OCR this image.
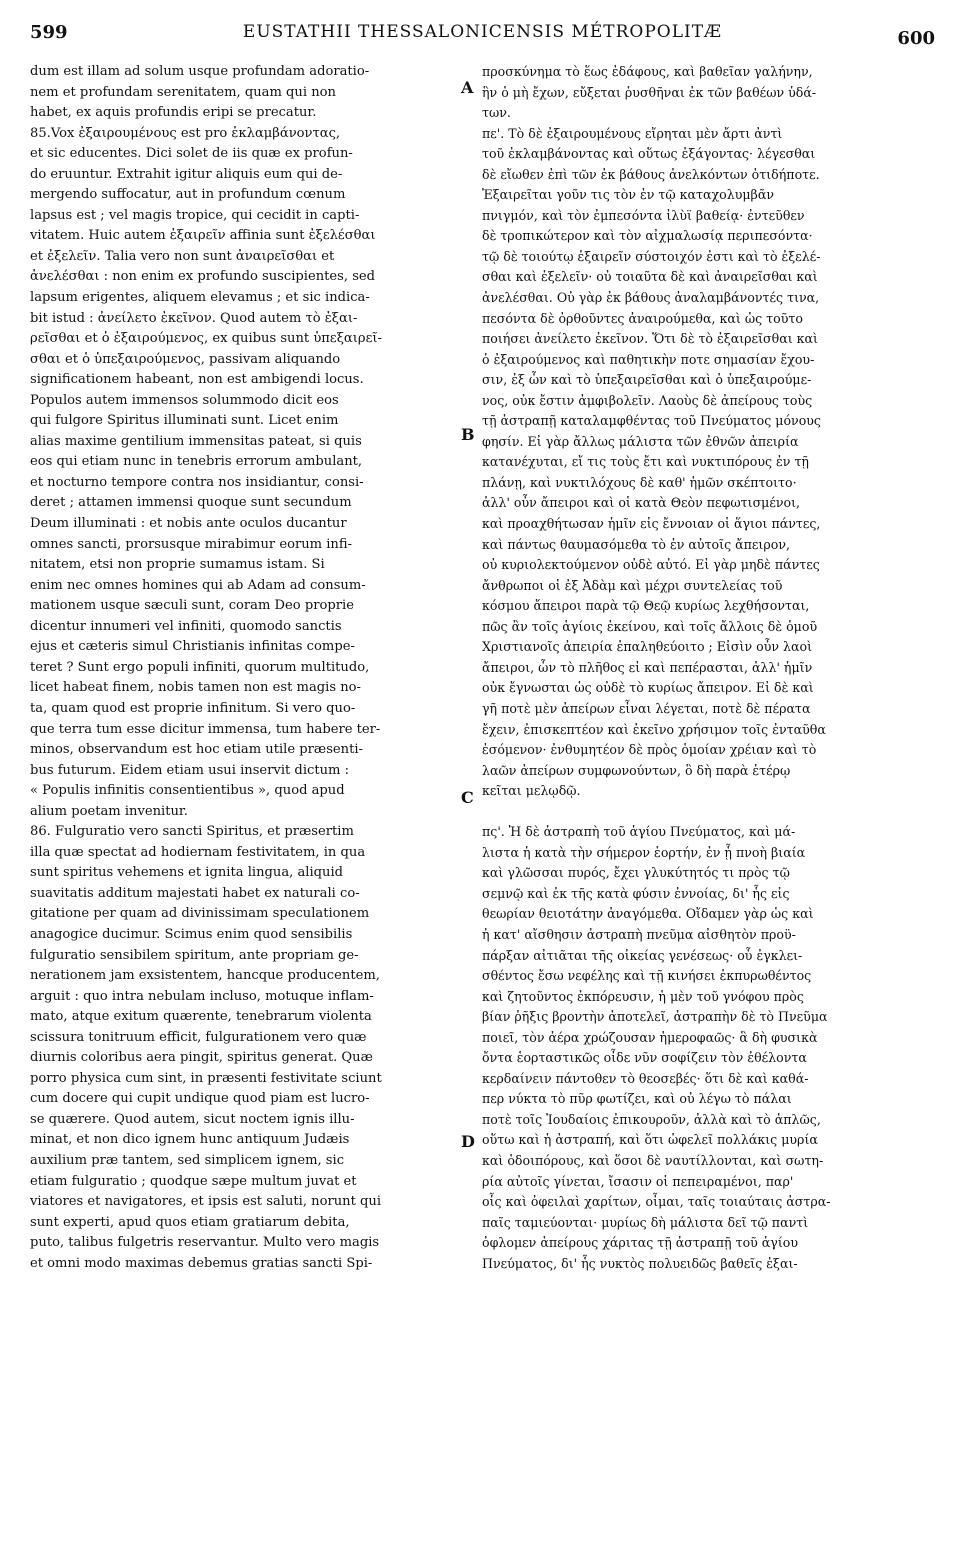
599	EUSTATHII THESSALONICENSIS MÉTROPOLITÆ	600
dum est illam ad solum usque profundam adoratio-
nem et profundam serenitatem, quam qui non
habet, ex aquis profundis eripi se precatur.
85.Vox ἐξαιρουμένους est pro ἐκλαμβάνοντας,
et sic educentes. Dici solet de iis quæ ex profun-
do eruuntur. Extrahit igitur aliquis eum qui de-
mergendo suffocatur, aut in profundum cœnum
lapsus est ; vel magis tropice, qui cecidit in capti-
vitatem. Huic autem ἐξαιρεῖν affinia sunt ἐξελέσθαι
et ἐξελεῖν. Talia vero non sunt ἀναιρεῖσθαι et
ἀνελέσθαι : non enim ex profundo suscipientes, sed
lapsum erigentes, aliquem elevamus ; et sic indica-
bit istud : ἀνείλετο ἐκεῖνον. Quod autem τὸ ἐξαι-
ρεῖσθαι et ὁ ἐξαιρούμενος, ex quibus sunt ὑπεξαιρεῖ-
σθαι et ὁ ὑπεξαιρούμενος, passivam aliquando
significationem habeant, non est ambigendi locus.
Populos autem immensos solummodo dicit eos
qui fulgore Spiritus illuminati sunt. Licet enim
alias maxime gentilium immensitas pateat, si quis
eos qui etiam nunc in tenebris errorum ambulant,
et nocturno tempore contra nos insidiantur, consi-
deret ; attamen immensi quoque sunt secundum
Deum illuminati : et nobis ante oculos ducantur
omnes sancti, prorsusque mirabimur eorum infi-
nitatem, etsi non proprie sumamus istam. Si
enim nec omnes homines qui ab Adam ad consum-
mationem usque sæculi sunt, coram Deo proprie
dicentur innumeri vel infiniti, quomodo sanctis
ejus et cæteris simul Christianis infinitas compe-
teret ? Sunt ergo populi infiniti, quorum multitudo,
licet habeat finem, nobis tamen non est magis no-
ta, quam quod est proprie infinitum. Si vero quo-
que terra tum esse dicitur immensa, tum habere ter-
minos, observandum est hoc etiam utile præsenti-
bus futurum. Eidem etiam usui inservit dictum :
« Populis infinitis consentientibus », quod apud
alium poetam invenitur.
86. Fulguratio vero sancti Spiritus, et præsertim
illa quæ spectat ad hodiernam festivitatem, in qua
sunt spiritus vehemens et ignita lingua, aliquid
suavitatis additum majestati habet ex naturali co-
gitatione per quam ad divinissimam speculationem
anagogice ducimur. Scimus enim quod sensibilis
fulguratio sensibilem spiritum, ante propriam ge-
nerationem jam exsistentem, hancque producentem,
arguit : quo intra nebulam incluso, motuque inflam-
mato, atque exitum quærente, tenebrarum violenta
scissura tonitruum efficit, fulgurationem vero quæ
diurnis coloribus aera pingit, spiritus generat. Quæ
porro physica cum sint, in præsenti festivitate sciunt
cum docere qui cupit undique quod piam est lucro-
se quærere. Quod autem, sicut noctem ignis illu-
minat, et non dico ignem hunc antiquum Judæis
auxilium præ tantem, sed simplicem ignem, sic
etiam fulguratio ; quodque sæpe multum juvat et
viatores et navigatores, et ipsis est saluti, norunt qui
sunt experti, apud quos etiam gratiarum debita,
puto, talibus fulgetris reservantur. Multo vero magis
et omni modo maximas debemus gratias sancti Spi-
προσκύνημα τὸ ἕως ἐδάφους, καὶ βαθεῖαν γαλήνην,
ἣν ὁ μὴ ἔχων, εὔξεται ῥυσθῆναι ἐκ τῶν βαθέων ὑδά-
των.
πε'. Τὸ δὲ ἐξαιρουμένους εἴρηται μὲν ἄρτι ἀντὶ
τοῦ ἐκλαμβάνοντας καὶ οὕτως ἐξάγοντας· λέγεσθαι
δὲ εἴωθεν ἐπὶ τῶν ἐκ βάθους ἀνελκόντων ὁτιδήποτε.
Ἐξαιρεῖται γοῦν τις τὸν ἐν τῷ καταχολυμβᾶν
πνιγμόν, καὶ τὸν ἐμπεσόντα ἰλὺϊ βαθείᾳ· ἐντεῦθεν
δὲ τροπικώτερον καὶ τὸν αἰχμαλωσίᾳ περιπεσόντα·
τῷ δὲ τοιούτῳ ἐξαιρεῖν σύστοιχόν ἐστι καὶ τὸ ἐξελέ-
σθαι καὶ ἐξελεῖν· οὐ τοιαῦτα δὲ καὶ ἀναιρεῖσθαι καὶ
ἀνελέσθαι. Οὐ γὰρ ἐκ βάθους ἀναλαμβάνοντές τινα,
πεσόντα δὲ ὀρθοῦντες ἀναιρούμεθα, καὶ ὡς τοῦτο
ποιήσει ἀνείλετο ἐκεῖνον. Ὅτι δὲ τὸ ἐξαιρεῖσθαι καὶ
ὁ ἐξαιρούμενος καὶ παθητικὴν ποτε σημασίαν ἔχου-
σιν, ἐξ ὧν καὶ τὸ ὑπεξαιρεῖσθαι καὶ ὁ ὑπεξαιρούμε-
νος, οὐκ ἔστιν ἀμφιβολεῖν. Λαοὺς δὲ ἀπείρους τοὺς
τῇ ἀστραπῇ καταλαμφθέντας τοῦ Πνεύματος μόνους
φησίν. Εἰ γὰρ ἄλλως μάλιστα τῶν ἐθνῶν ἀπειρία
κατανέχυται, εἴ τις τοὺς ἔτι καὶ νυκτιπόρους ἐν τῇ
πλάνῃ, καὶ νυκτιλόχους δὲ καθ' ἡμῶν σκέπτοιτο·
ἀλλ' οὖν ἄπειροι καὶ οἱ κατὰ Θεὸν πεφωτισμένοι,
καὶ προαχθήτωσαν ἡμῖν εἰς ἔννοιαν οἱ ἅγιοι πάντες,
καὶ πάντως θαυμασόμεθα τὸ ἐν αὐτοῖς ἄπειρον,
οὐ κυριολεκτούμενον οὐδὲ αὐτό. Εἰ γὰρ μηδὲ πάντες
ἄνθρωποι οἱ ἐξ Ἀδὰμ καὶ μέχρι συντελείας τοῦ
κόσμου ἄπειροι παρὰ τῷ Θεῷ κυρίως λεχθήσονται,
πῶς ἂν τοῖς ἁγίοις ἐκείνου, καὶ τοῖς ἄλλοις δὲ ὁμοῦ
Χριστιανοῖς ἀπειρία ἐπαληθεύοιτο ; Εἰσὶν οὖν λαοὶ
ἄπειροι, ὧν τὸ πλῆθος εἰ καὶ πεπέρασται, ἀλλ' ἡμῖν
οὐκ ἔγνωσται ὡς οὐδὲ τὸ κυρίως ἄπειρον. Εἰ δὲ καὶ
γῆ ποτὲ μὲν ἀπείρων εἶναι λέγεται, ποτὲ δὲ πέρατα
ἔχειν, ἐπισκεπτέον καὶ ἐκεῖνο χρήσιμον τοῖς ἐνταῦθα
ἐσόμενον· ἐνθυμητέον δὲ πρὸς ὁμοίαν χρέιαν καὶ τὸ
λαῶν ἀπείρων συμφωνούντων, ὃ δὴ παρὰ ἑτέρῳ
κεῖται μελῳδῷ.

πς'. Ἡ δὲ ἀστραπὴ τοῦ ἁγίου Πνεύματος, καὶ μά-
λιστα ἡ κατὰ τὴν σήμερον ἑορτήν, ἐν ᾗ πνοὴ βιαία
καὶ γλῶσσαι πυρός, ἔχει γλυκύτητός τι πρὸς τῷ
σεμνῷ καὶ ἐκ τῆς κατὰ φύσιν ἐννοίας, δι' ἧς εἰς
θεωρίαν θειοτάτην ἀναγόμεθα. Οἴδαμεν γὰρ ὡς καὶ
ἡ κατ' αἴσθησιν ἀστραπὴ πνεῦμα αἰσθητὸν προϋ-
πάρξαν αἰτιᾶται τῆς οἰκείας γενέσεως· οὗ ἐγκλει-
σθέντος ἔσω νεφέλης καὶ τῇ κινήσει ἐκπυρωθέντος
καὶ ζητοῦντος ἐκπόρευσιν, ἡ μὲν τοῦ γνόφου πρὸς
βίαν ῥῆξις βροντὴν ἀποτελεῖ, ἀστραπὴν δὲ τὸ Πνεῦμα
ποιεῖ, τὸν ἀέρα χρώζουσαν ἡμεροφαῶς· ἃ δὴ φυσικὰ
ὄντα ἑορταστικῶς οἶδε νῦν σοφίζειν τὸν ἐθέλοντα
κερδαίνειν πάντοθεν τὸ θεοσεβές· ὅτι δὲ καὶ καθά-
περ νύκτα τὸ πῦρ φωτίζει, καὶ οὐ λέγω τὸ πάλαι
ποτὲ τοῖς Ἰουδαίοις ἐπικουροῦν, ἀλλὰ καὶ τὸ ἁπλῶς,
οὕτω καὶ ἡ ἀστραπή, καὶ ὅτι ὠφελεῖ πολλάκις μυρία
καὶ ὁδοιπόρους, καὶ ὅσοι δὲ ναυτίλλονται, καὶ σωτη-
ρία αὐτοῖς γίνεται, ἴσασιν οἱ πεπειραμένοι, παρ'
οἷς καὶ ὀφειλαὶ χαρίτων, οἶμαι, ταῖς τοιαύταις ἀστρα-
παῖς ταμιεύονται· μυρίως δὴ μάλιστα δεῖ τῷ παντὶ
ὀφλομεν ἀπείρους χάριτας τῇ ἀστραπῇ τοῦ ἁγίου
Πνεύματος, δι' ἧς νυκτὸς πολυειδῶς βαθεῖς ἐξαι-
A
B
C
D
